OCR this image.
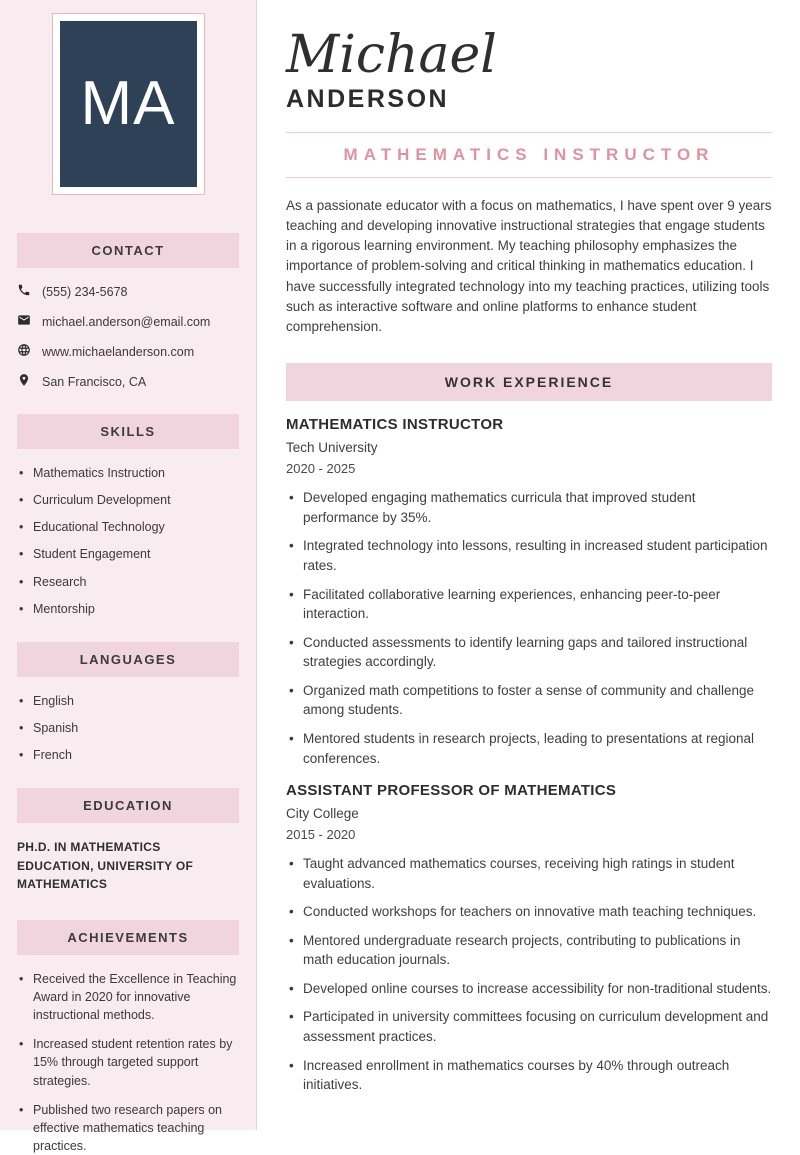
MA
CONTACT
(555) 234-5678
michael.anderson@email.com
www.michaelanderson.com
San Francisco, CA
SKILLS
• Mathematics Instruction
• Curriculum Development
• Educational Technology
• Student Engagement
• Research
• Mentorship
LANGUAGES
• English
• Spanish
• French
EDUCATION

PH.D. IN MATHEMATICS EDUCATION, UNIVERSITY OF MATHEMATICS

ACHIEVEMENTS
• Received the Excellence in Teaching Award in 2020 for innovative instructional methods.
• Increased student retention rates by 15% through targeted support strategies.
• Published two research papers on effective mathematics teaching practices.
Michael
ANDERSON
MATHEMATICS INSTRUCTOR

As a passionate educator with a focus on mathematics, I have spent over 9 years teaching and developing innovative instructional strategies that engage students in a rigorous learning environment. My teaching philosophy emphasizes the importance of problem-solving and critical thinking in mathematics education. I have successfully integrated technology into my teaching practices, utilizing tools such as interactive software and online platforms to enhance student comprehension.

WORK EXPERIENCE
MATHEMATICS INSTRUCTOR
Tech University
2020 - 2025
• Developed engaging mathematics curricula that improved student performance by 35%.
• Integrated technology into lessons, resulting in increased student participation rates.
• Facilitated collaborative learning experiences, enhancing peer-to-peer interaction.
• Conducted assessments to identify learning gaps and tailored instructional strategies accordingly.
• Organized math competitions to foster a sense of community and challenge among students.
• Mentored students in research projects, leading to presentations at regional conferences.
ASSISTANT PROFESSOR OF MATHEMATICS
City College
2015 - 2020
• Taught advanced mathematics courses, receiving high ratings in student evaluations.
• Conducted workshops for teachers on innovative math teaching techniques.
• Mentored undergraduate research projects, contributing to publications in math education journals.
• Developed online courses to increase accessibility for non-traditional students.
• Participated in university committees focusing on curriculum development and assessment practices.
• Increased enrollment in mathematics courses by 40% through outreach initiatives.
